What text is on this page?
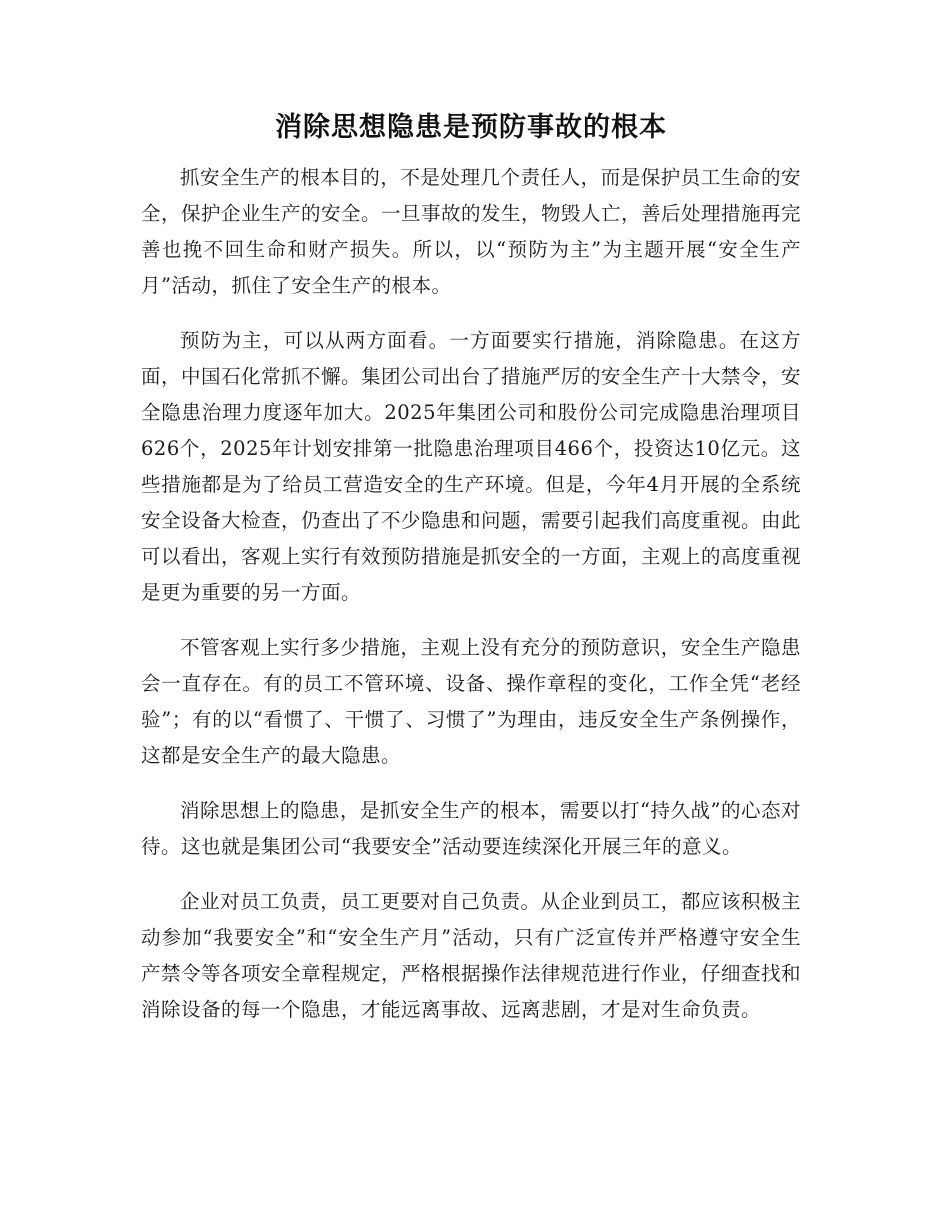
消除思想隐患是预防事故的根本

抓安全生产的根本目的，不是处理几个责任人，而是保护员工生命的安全，保护企业生产的安全。一旦事故的发生，物毁人亡，善后处理措施再完善也挽不回生命和财产损失。所以，以“预防为主”为主题开展“安全生产月”活动，抓住了安全生产的根本。

预防为主，可以从两方面看。一方面要实行措施，消除隐患。在这方面，中国石化常抓不懈。集团公司出台了措施严厉的安全生产十大禁令，安全隐患治理力度逐年加大。2025年集团公司和股份公司完成隐患治理项目626个，2025年计划安排第一批隐患治理项目466个，投资达10亿元。这些措施都是为了给员工营造安全的生产环境。但是，今年4月开展的全系统安全设备大检查，仍查出了不少隐患和问题，需要引起我们高度重视。由此可以看出，客观上实行有效预防措施是抓安全的一方面，主观上的高度重视是更为重要的另一方面。

不管客观上实行多少措施，主观上没有充分的预防意识，安全生产隐患会一直存在。有的员工不管环境、设备、操作章程的变化，工作全凭“老经验”；有的以“看惯了、干惯了、习惯了”为理由，违反安全生产条例操作，这都是安全生产的最大隐患。

消除思想上的隐患，是抓安全生产的根本，需要以打“持久战”的心态对待。这也就是集团公司“我要安全”活动要连续深化开展三年的意义。

企业对员工负责，员工更要对自己负责。从企业到员工，都应该积极主动参加“我要安全”和“安全生产月”活动，只有广泛宣传并严格遵守安全生产禁令等各项安全章程规定，严格根据操作法律规范进行作业，仔细查找和消除设备的每一个隐患，才能远离事故、远离悲剧，才是对生命负责。
